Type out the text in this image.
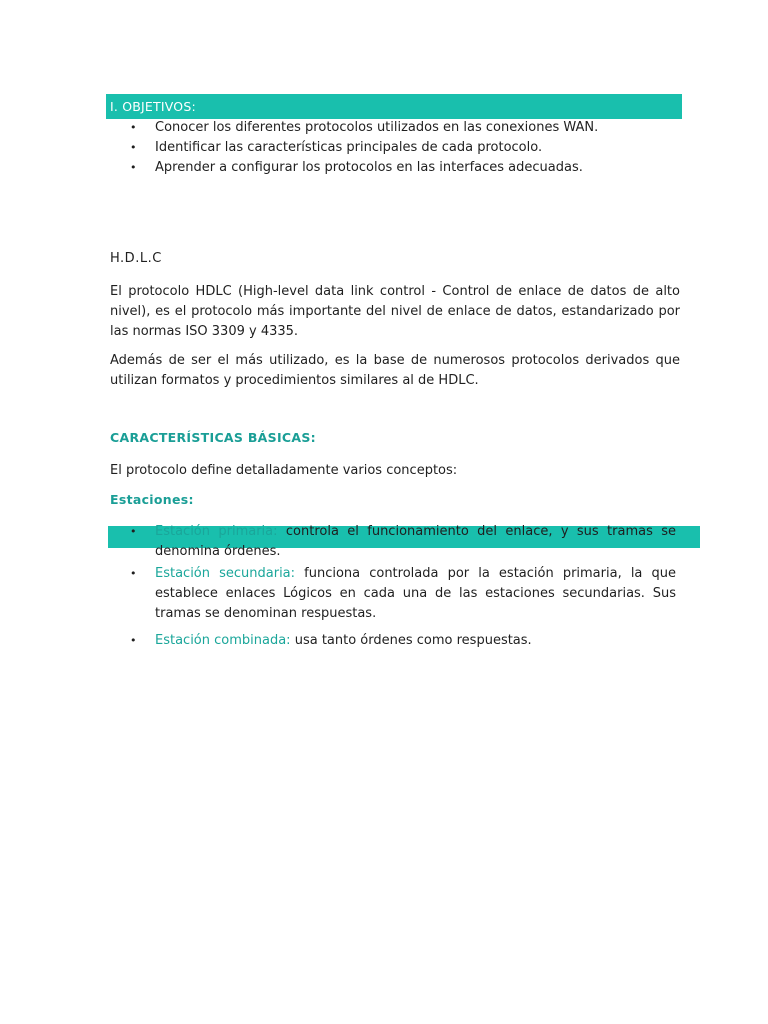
I. OBJETIVOS:
• Conocer los diferentes protocolos utilizados en las conexiones WAN.
• Identificar las características principales de cada protocolo.
• Aprender a configurar los protocolos en las interfaces adecuadas.
H.D.L.C

El protocolo HDLC (High-level data link control - Control de enlace de datos de alto nivel), es el protocolo más importante del nivel de enlace de datos, estandarizado por las normas ISO 3309 y 4335.

Además de ser el más utilizado, es la base de numerosos protocolos derivados que utilizan formatos y procedimientos similares al de HDLC.

CARACTERÍSTICAS BÁSICAS:

El protocolo define detalladamente varios conceptos:

Estaciones:
• Estación primaria: controla el funcionamiento del enlace, y sus tramas se denomina órdenes.
• Estación secundaria: funciona controlada por la estación primaria, la que establece enlaces Lógicos en cada una de las estaciones secundarias. Sus tramas se denominan respuestas.
• Estación combinada: usa tanto órdenes como respuestas.
